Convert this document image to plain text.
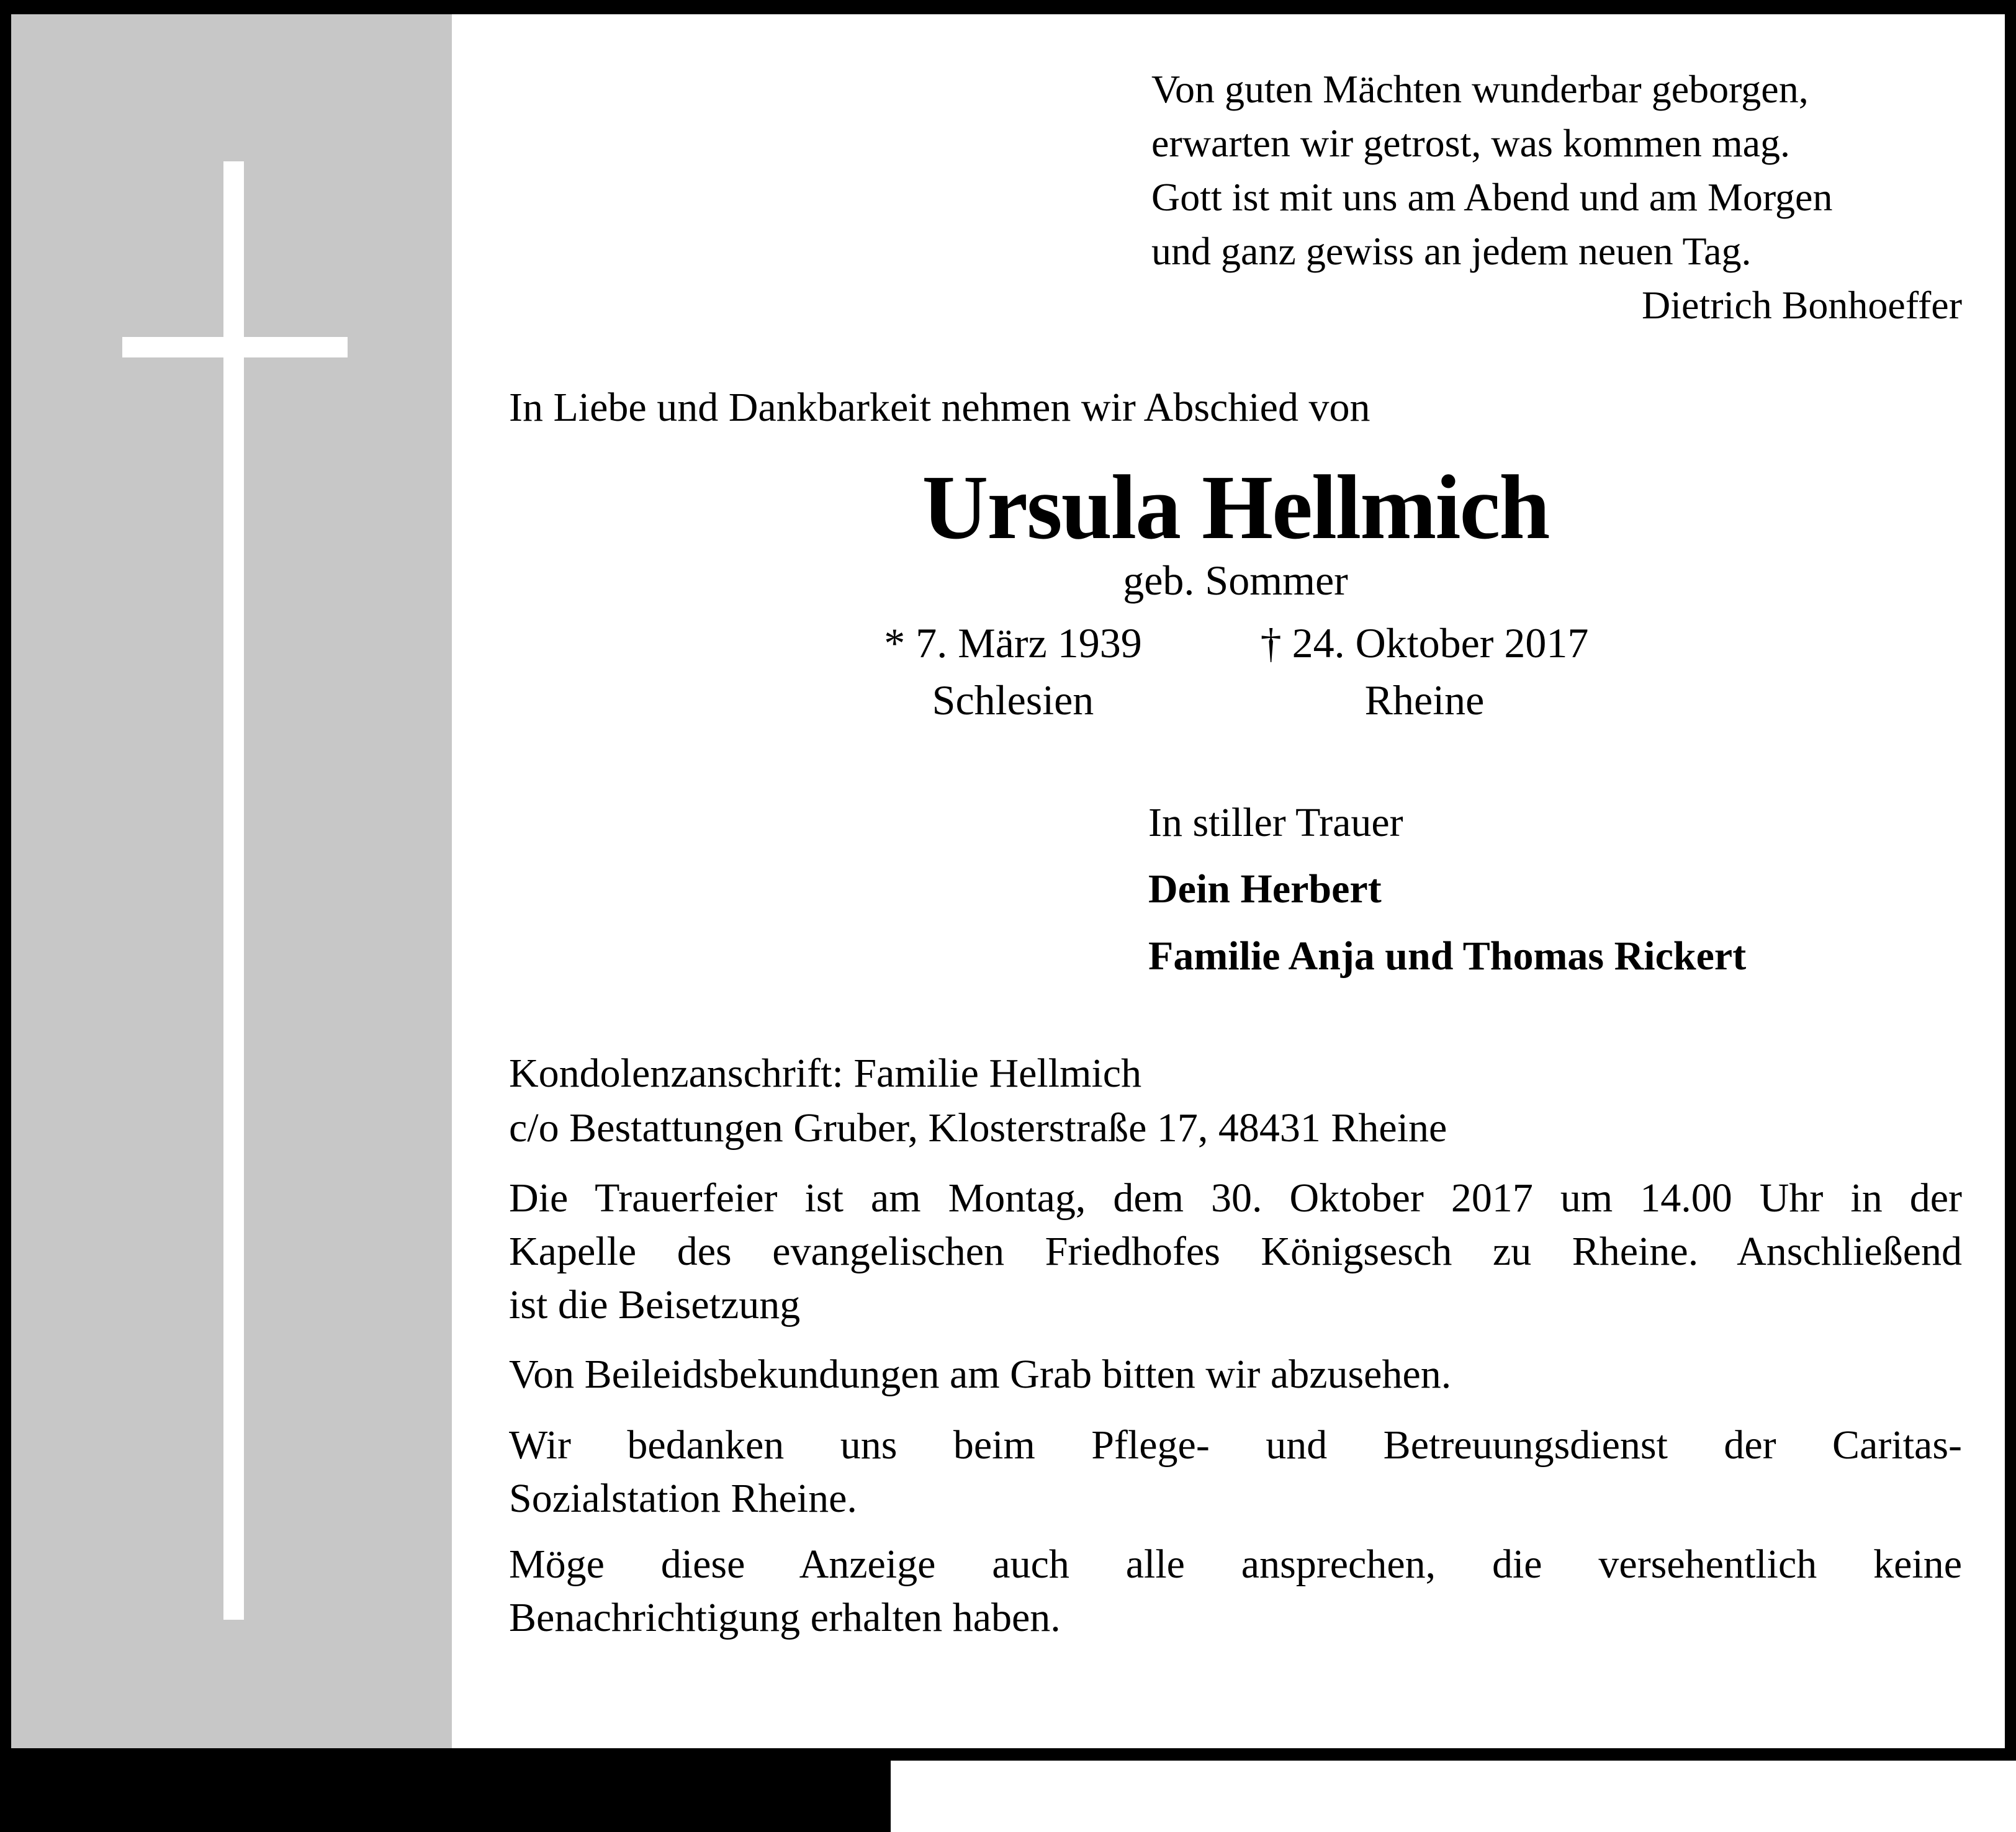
Von guten Mächten wunderbar geborgen,
erwarten wir getrost, was kommen mag.
Gott ist mit uns am Abend und am Morgen
und ganz gewiss an jedem neuen Tag.
Dietrich Bonhoeffer
In Liebe und Dankbarkeit nehmen wir Abschied von
Ursula Hellmich
geb. Sommer
* 7. März 1939
Schlesien
† 24. Oktober 2017
Rheine
In stiller Trauer
Dein Herbert
Familie Anja und Thomas Rickert
Kondolenzanschrift: Familie Hellmich
c/o Bestattungen Gruber, Klosterstraße 17, 48431 Rheine
Die Trauerfeier ist am Montag, dem 30. Oktober 2017 um 14.00 Uhr in der
Kapelle des evangelischen Friedhofes Königsesch zu Rheine. Anschließend
ist die Beisetzung
Von Beileidsbekundungen am Grab bitten wir abzusehen.
Wir bedanken uns beim Pflege- und Betreuungsdienst der Caritas-
Sozialstation Rheine.
Möge diese Anzeige auch alle ansprechen, die versehentlich keine
Benachrichtigung erhalten haben.
